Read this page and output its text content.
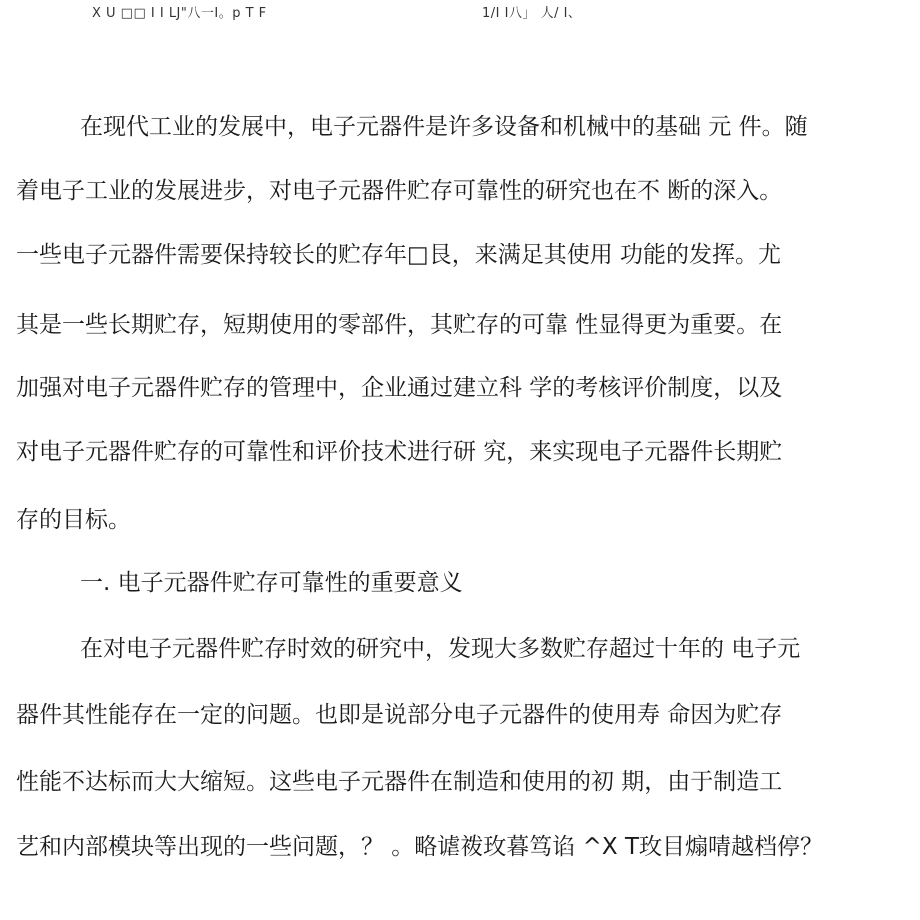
X U □□ I I LJ"八一I。p T F	1/I I八」 人/ I、
在现代工业的发展中，电子元器件是许多设备和机械中的基础 元 件。随
着电子工业的发展进步，对电子元器件贮存可靠性的研究也在不 断的深入。
一些电子元器件需要保持较长的贮存年□艮，来满足其使用 功能的发挥。尤
其是一些长期贮存，短期使用的零部件，其贮存的可靠 性显得更为重要。在
加强对电子元器件贮存的管理中，企业通过建立科 学的考核评价制度，以及
对电子元器件贮存的可靠性和评价技术进行研 究，来实现电子元器件长期贮
存的目标。
一. 电子元器件贮存可靠性的重要意义
在对电子元器件贮存时效的研究中，发现大多数贮存超过十年的 电子元
器件其性能存在一定的问题。也即是说部分电子元器件的使用寿 命因为贮存
性能不达标而大大缩短。这些电子元器件在制造和使用的初 期，由于制造工
艺和内部模块等出现的一些问题，？ 。略谑袯玫暮笃谄 ^X T玫目煽啨越档停？
